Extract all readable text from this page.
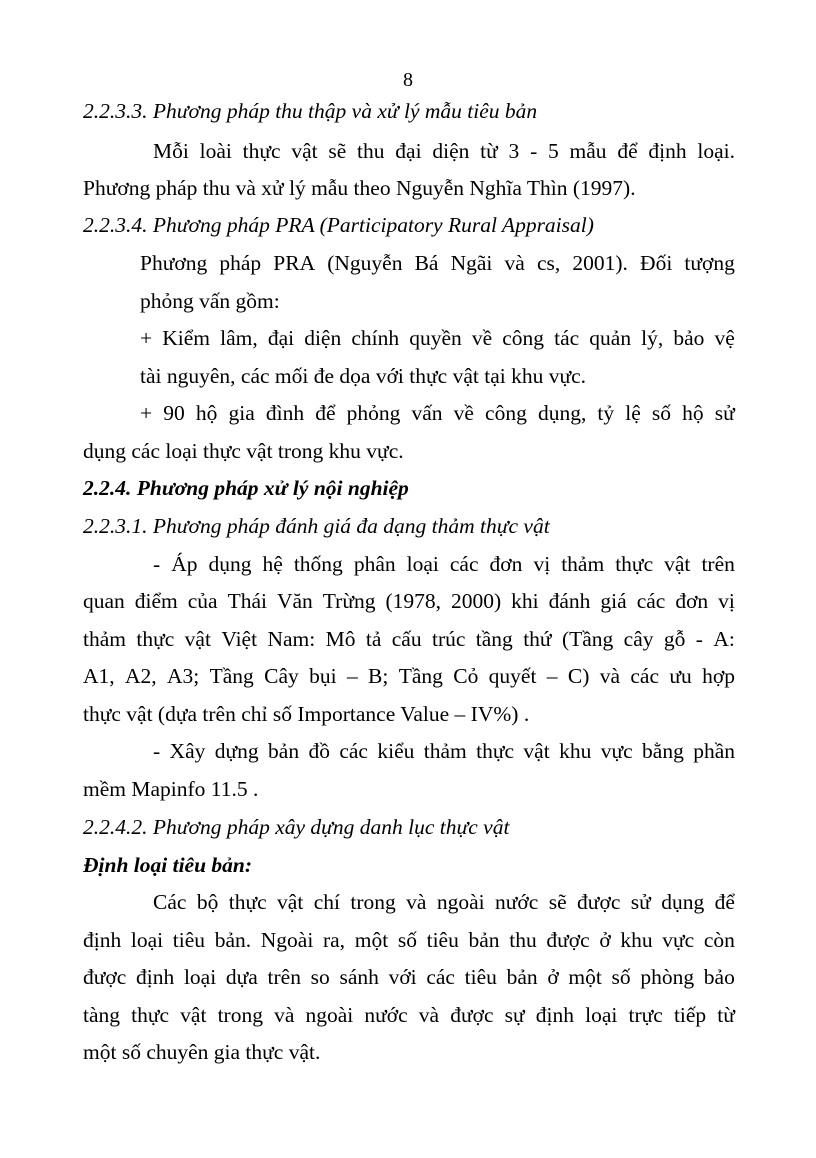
8
2.2.3.3. Phương pháp thu thập và xử lý mẫu tiêu bản
Mỗi loài thực vật sẽ thu đại diện từ 3 - 5 mẫu để định loại.
Phương pháp thu và xử lý mẫu theo Nguyễn Nghĩa Thìn (1997).
2.2.3.4. Phương pháp PRA (Participatory Rural Appraisal)
Phương pháp PRA (Nguyễn Bá Ngãi và cs, 2001). Đối tượng
phỏng vấn gồm:
+ Kiểm lâm, đại diện chính quyền về công tác quản lý, bảo vệ
tài nguyên, các mối đe dọa với thực vật tại khu vực.
+ 90 hộ gia đình để phỏng vấn về công dụng, tỷ lệ số hộ sử
dụng các loại thực vật trong khu vực.
2.2.4. Phương pháp xử lý nội nghiệp
2.2.3.1. Phương pháp đánh giá đa dạng thảm thực vật
- Áp dụng hệ thống phân loại các đơn vị thảm thực vật trên
quan điểm của Thái Văn Trừng (1978, 2000) khi đánh giá các đơn vị
thảm thực vật Việt Nam: Mô tả cấu trúc tầng thứ (Tầng cây gỗ - A:
A1, A2, A3; Tầng Cây bụi – B; Tầng Cỏ quyết – C) và các ưu hợp
thực vật (dựa trên chỉ số Importance Value – IV%) .
- Xây dựng bản đồ các kiểu thảm thực vật khu vực bằng phần
mềm Mapinfo 11.5 .
2.2.4.2. Phương pháp xây dựng danh lục thực vật
Định loại tiêu bản:
Các bộ thực vật chí trong và ngoài nước sẽ được sử dụng để
định loại tiêu bản. Ngoài ra, một số tiêu bản thu được ở khu vực còn
được định loại dựa trên so sánh với các tiêu bản ở một số phòng bảo
tàng thực vật trong và ngoài nước và được sự định loại trực tiếp từ
một số chuyên gia thực vật.
